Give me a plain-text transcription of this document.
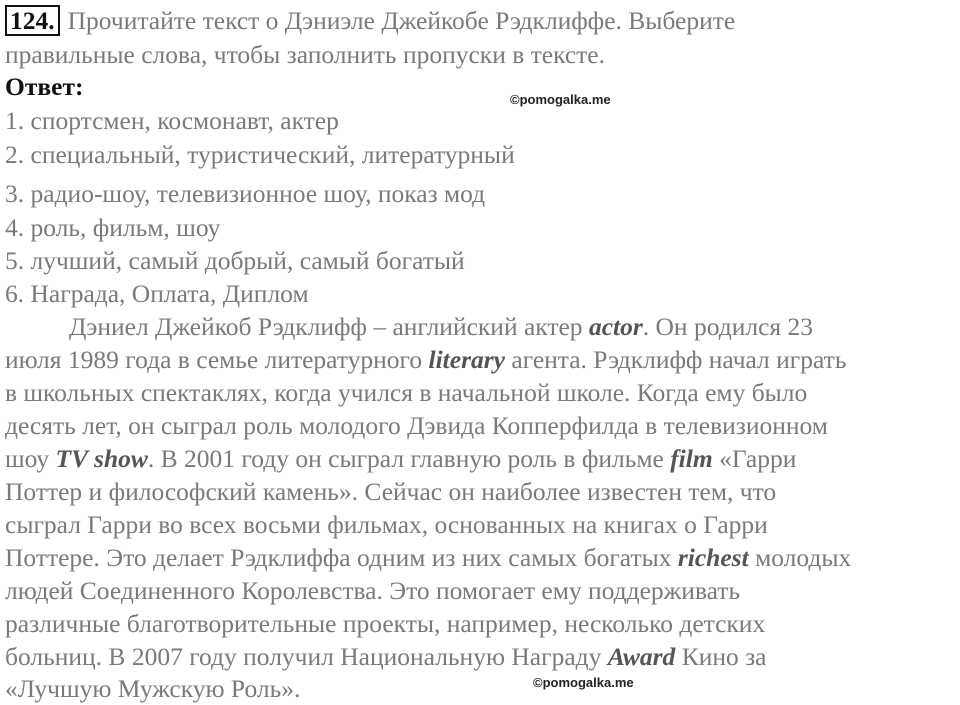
124. Прочитайте текст о Дэниэле Джейкобе Рэдклиффе. Выберите
правильные слова, чтобы заполнить пропуски в тексте.
Ответ:	©pomogalka.me
1. спортсмен, космонавт, актер
2. специальный, туристический, литературный
3. радио-шоу, телевизионное шоу, показ мод
4. роль, фильм, шоу
5. лучший, самый добрый, самый богатый
6. Награда, Оплата, Диплом
Дэниел Джейкоб Рэдклифф – английский актер actor. Он родился 23
июля 1989 года в семье литературного literary агента. Рэдклифф начал играть
в школьных спектаклях, когда учился в начальной школе. Когда ему было
десять лет, он сыграл роль молодого Дэвида Копперфилда в телевизионном
шоу TV show. В 2001 году он сыграл главную роль в фильме film «Гарри
Поттер и философский камень». Сейчас он наиболее известен тем, что
сыграл Гарри во всех восьми фильмах, основанных на книгах о Гарри
Поттере. Это делает Рэдклиффа одним из них самых богатых richest молодых
людей Соединенного Королевства. Это помогает ему поддерживать
различные благотворительные проекты, например, несколько детских
больниц. В 2007 году получил Национальную Награду Award Кино за
«Лучшую Мужскую Роль».	©pomogalka.me
